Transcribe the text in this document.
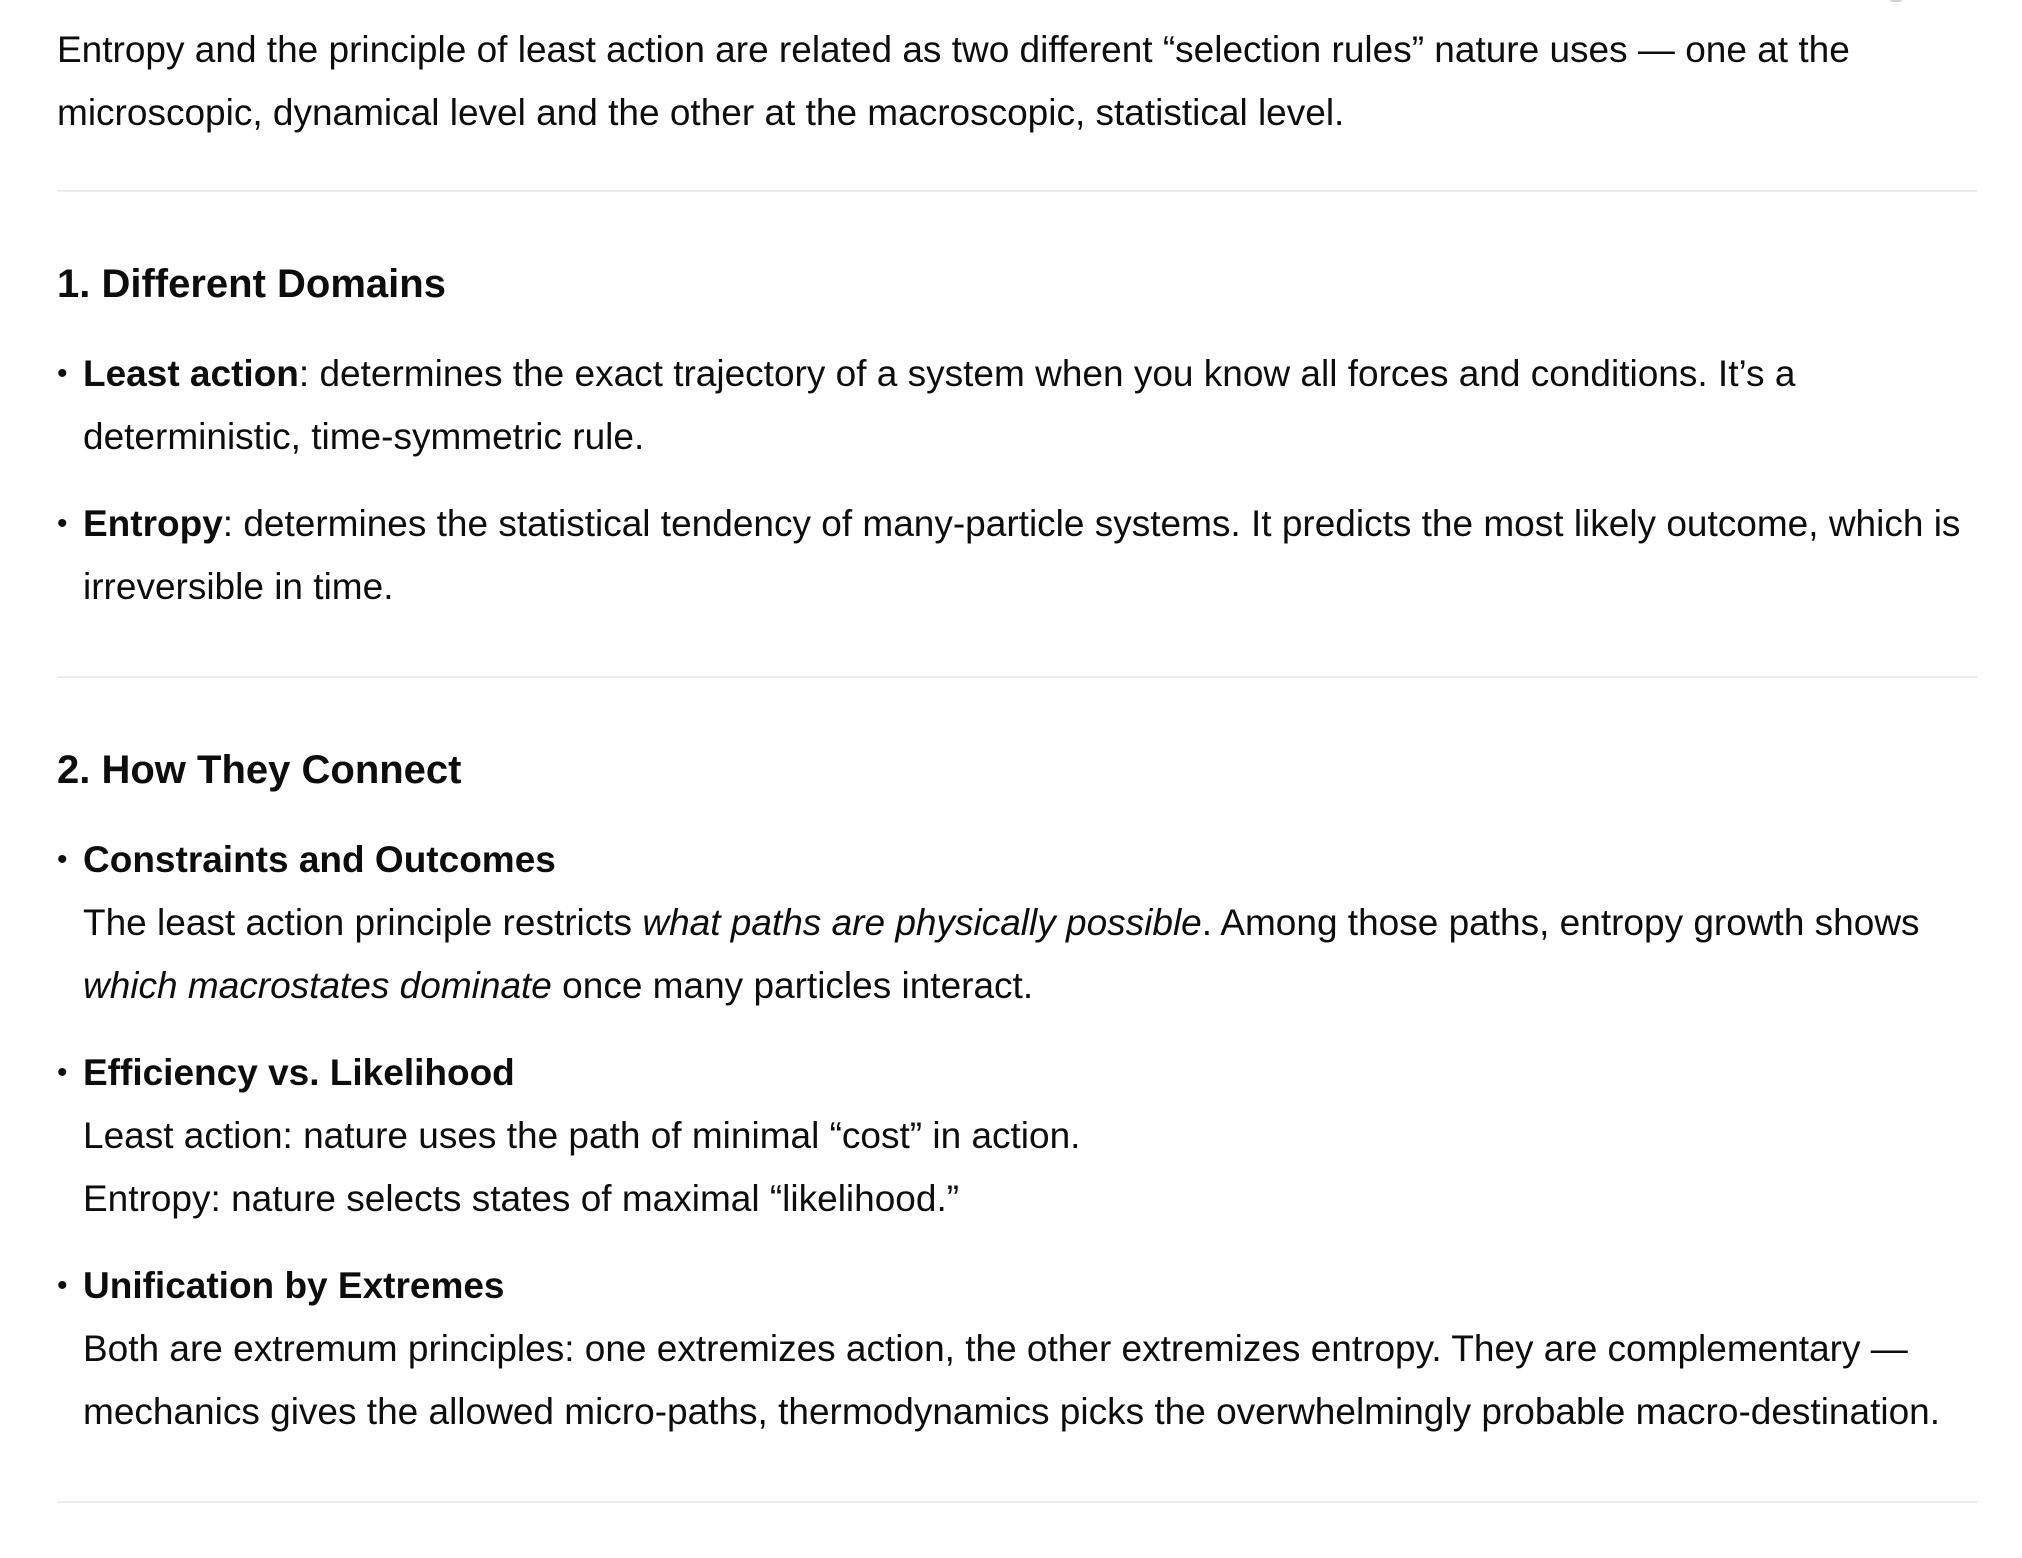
Entropy and the principle of least action are related as two different “selection rules” nature uses — one at the microscopic, dynamical level and the other at the macroscopic, statistical level.

1. Different Domains
• Least action: determines the exact trajectory of a system when you know all forces and conditions. It’s a deterministic, time-symmetric rule.
• Entropy: determines the statistical tendency of many-particle systems. It predicts the most likely outcome, which is irreversible in time.
2. How They Connect
• Constraints and Outcomes
The least action principle restricts what paths are physically possible. Among those paths, entropy growth shows which macrostates dominate once many particles interact.
• Efficiency vs. Likelihood
Least action: nature uses the path of minimal “cost” in action.
Entropy: nature selects states of maximal “likelihood.”
• Unification by Extremes
Both are extremum principles: one extremizes action, the other extremizes entropy. They are complementary — mechanics gives the allowed micro-paths, thermodynamics picks the overwhelmingly probable macro-destination.
